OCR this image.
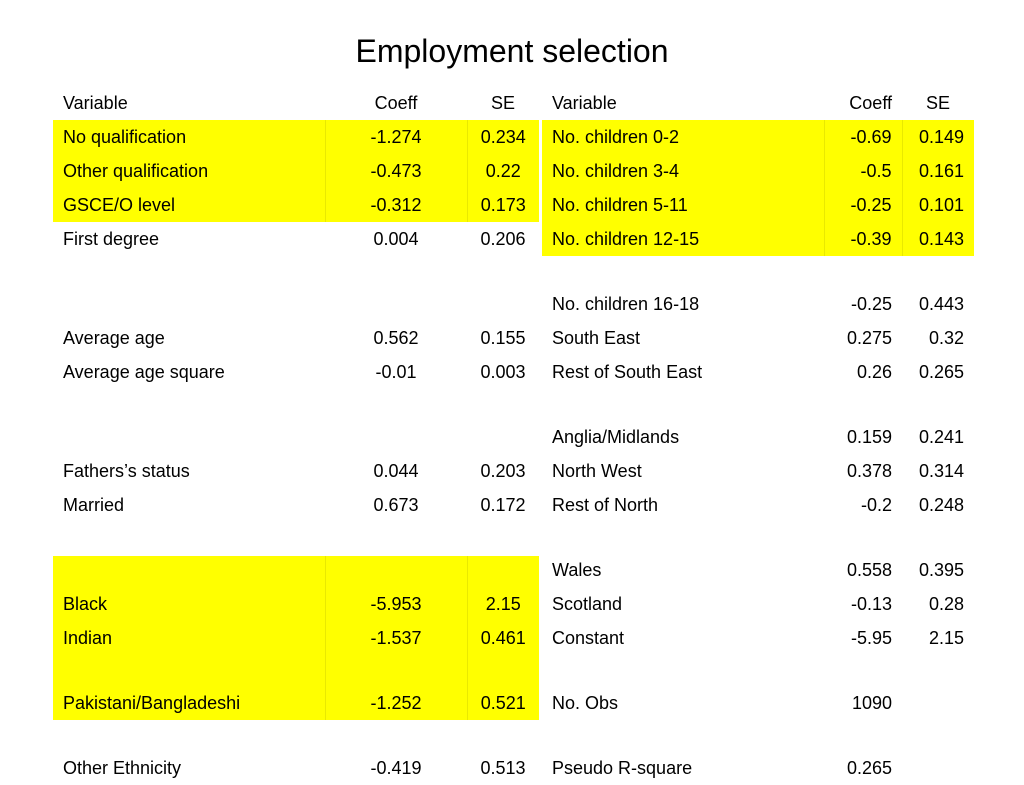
Employment selection
Variable	Coeff	SE
No qualification	-1.274	0.234
Other qualification	-0.473	0.22
GSCE/O level	-0.312	0.173
First degree	0.004	0.206

Average age	0.562	0.155
Average age square	-0.01	0.003

Fathers’s status	0.044	0.203
Married	0.673	0.172

Black	-5.953	2.15
Indian	-1.537	0.461
Pakistani/Bangladeshi	-1.252	0.521
Other Ethnicity	-0.419	0.513
Variable	Coeff	SE
No. children 0-2	-0.69	0.149
No. children 3-4	-0.5	0.161
No. children 5-11	-0.25	0.101
No. children 12-15	-0.39	0.143
No. children 16-18	-0.25	0.443
South East	0.275	0.32
Rest of South East	0.26	0.265
Anglia/Midlands	0.159	0.241
North West	0.378	0.314
Rest of North	-0.2	0.248
Wales	0.558	0.395
Scotland	-0.13	0.28
Constant	-5.95	2.15
No. Obs	1090	
Pseudo R-square	0.265	
